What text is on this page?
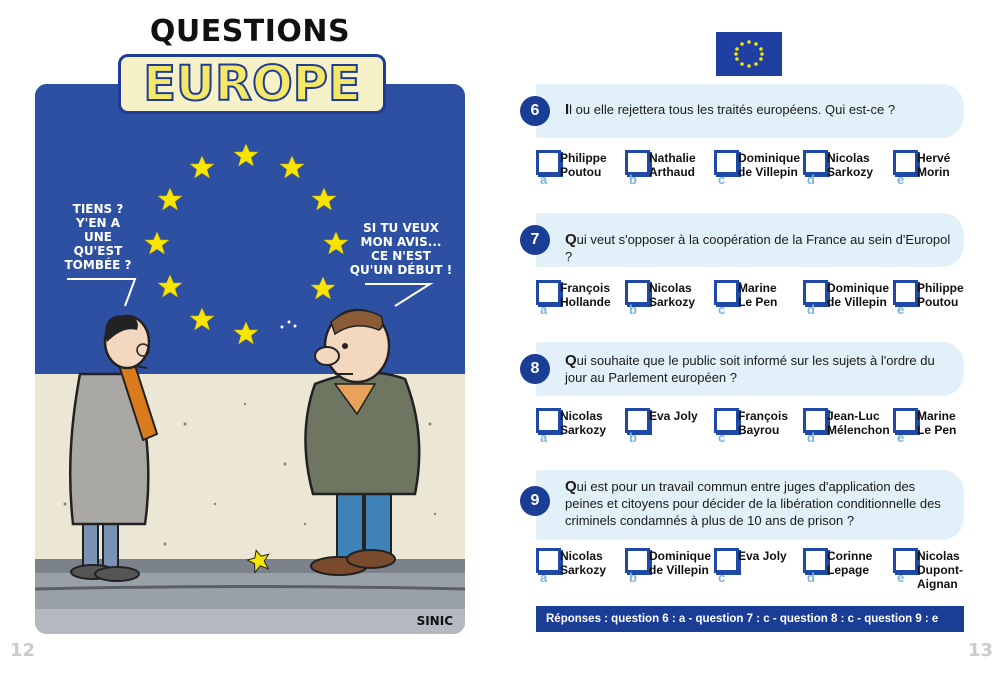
QUESTIONS
TIENS ?
Y'EN A
UNE
QU'EST
TOMBÉE ?
SI TU VEUX
MON AVIS...
CE N'EST
QU'UN DÉBUT !
SINIC
EUROPE
12
6	Il ou elle rejettera tous les traités européens. Qui est-ce ?
a
Philippe
Poutou	b
Nathalie
Arthaud	c
Dominique
de Villepin d
Nicolas
Sarkozy	e
Hervé
Morin
7	Qui veut s'opposer à la coopération de la France au sein d'Europol ?
a
François
Hollande	b
Nicolas
Sarkozy	c
Marine
Le Pen	d
Dominique
de Villepin e
Philippe
Poutou
8	Qui souhaite que le public soit informé sur les sujets à l'ordre du jour au Parlement européen ?
a
Nicolas
Sarkozy	b
Eva Joly
c
François
Bayrou	d
Jean-Luc
Mélenchon e
Marine
Le Pen
9
Qui est pour un travail commun entre juges d'application des peines et citoyens pour décider de la libération conditionnelle des criminels condamnés à plus de 10 ans de prison ?
a
Nicolas
Sarkozy	b
Dominique
de Villepin c
Eva Joly
d
Corinne
Lepage	e
Nicolas
Dupont-
Aignan
Réponses : question 6 : a - question 7 : c - question 8 : c - question 9 : e
13
